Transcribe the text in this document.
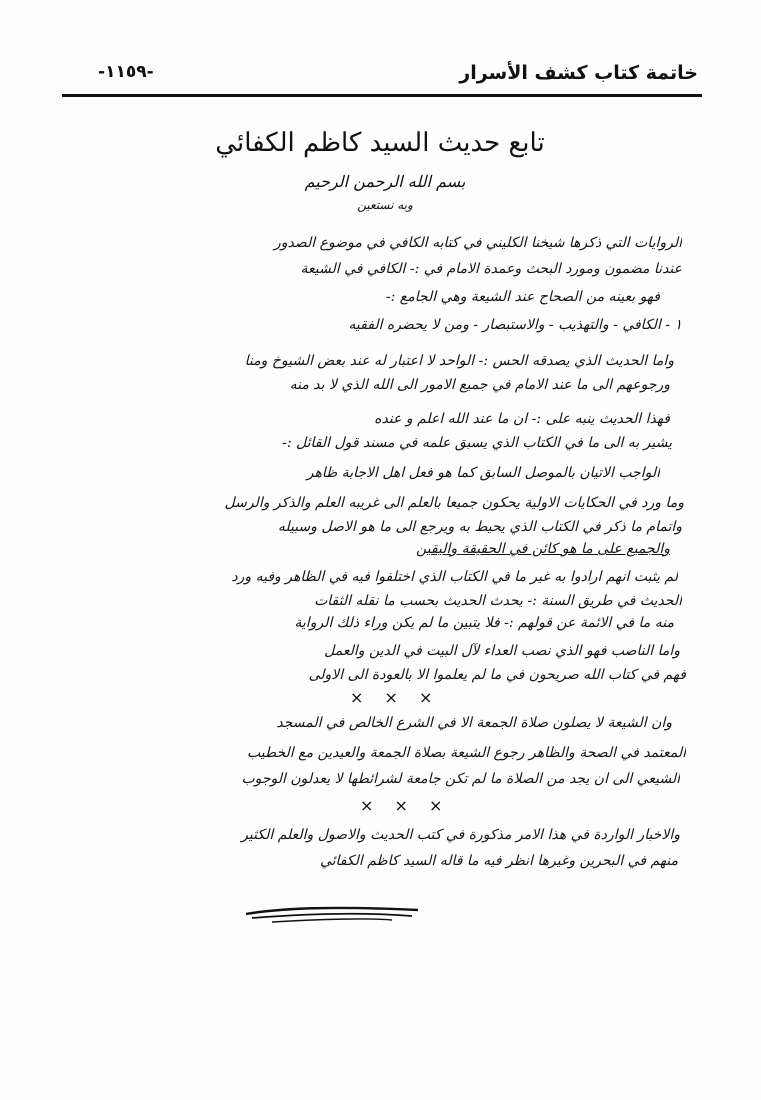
خاتمة كتاب كشف الأسرار
-١١٥٩-
تابع حديث السيد كاظم الكفائي
بسم الله الرحمن الرحيم
وبه نستعين
الروايات التي ذكرها شيخنا الكليني في كتابه الكافي في موضوع الصدور
عندنا مضمون ومورد البحث وعمدة الامام في :- الكافي في الشيعة
فهو بعينه من الصحاح عند الشيعة وهي الجامع :-
١ - الكافي - والتهذيب - والاستبصار - ومن لا يحضره الفقيه
واما الحديث الذي يصدقه الحس :- الواحد لا اعتبار له عند بعض الشيوخ ومنا
ورجوعهم الى ما عند الامام في جميع الامور الى الله الذي لا بد منه
فهذا الحديث ينبه على :- ان ما عند الله اعلم و عنده
يشير به الى ما في الكتاب الذي يسبق علمه في مسند قول القائل :-
الواجب الاتيان بالموصل السابق كما هو فعل اهل الاجابة ظاهر
وما ورد في الحكايات الاولية يحكون جميعا بالعلم الى غريبه العلم والذكر والرسل
واتمام ما ذكر في الكتاب الذي يحيط به ويرجع الى ما هو الاصل وسبيله
والجميع على ما هو كائن في الحقيقة واليقين
لم يثبت انهم ارادوا به غير ما في الكتاب الذي اختلفوا فيه في الظاهر وفيه ورد
الحديث في طريق السنة :- يحدث الحديث بحسب ما نقله الثقات
منه ما في الائمة عن قولهم :- فلا يتبين ما لم يكن وراء ذلك الرواية
واما الناصب فهو الذي نصب العداء لآل البيت في الدين والعمل
فهم في كتاب الله صريحون في ما لم يعلموا الا بالعودة الى الاولى
× × ×
وان الشيعة لا يصلون صلاة الجمعة الا في الشرع الخالص في المسجد
المعتمد في الصحة والظاهر رجوع الشيعة بصلاة الجمعة والعيدين مع الخطيب
الشيعي الى ان يجد من الصلاة ما لم تكن جامعة لشرائطها لا يعدلون الوجوب
× × ×
والاخبار الواردة في هذا الامر مذكورة في كتب الحديث والاصول والعلم الكثير
منهم في البحرين وغيرها انظر فيه ما قاله السيد كاظم الكفائي
